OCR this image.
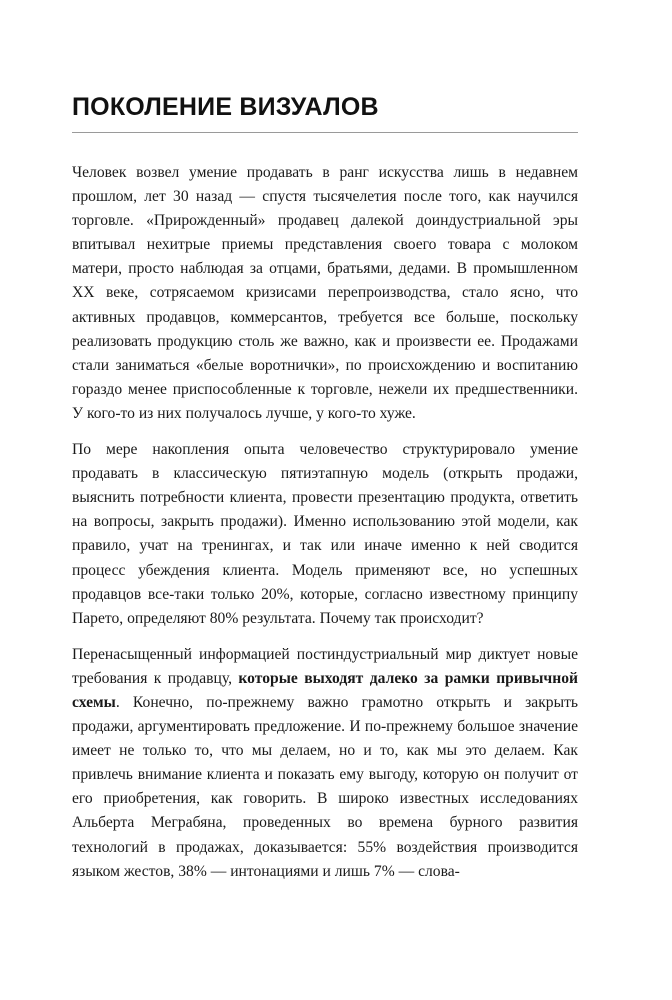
ПОКОЛЕНИЕ ВИЗУАЛОВ

Человек возвел умение продавать в ранг искусства лишь в недавнем прошлом, лет 30 назад — спустя тысячелетия после того, как научился торговле. «Прирожденный» продавец далекой доиндустриальной эры впитывал нехитрые приемы представления своего товара с молоком матери, просто наблюдая за отцами, братьями, дедами. В промышленном XX веке, сотрясаемом кризисами перепроизводства, стало ясно, что активных продавцов, коммерсантов, требуется все больше, поскольку реализовать продукцию столь же важно, как и произвести ее. Продажами стали заниматься «белые воротнички», по происхождению и воспитанию гораздо менее приспособленные к торговле, нежели их предшественники. У кого-то из них получалось лучше, у кого-то хуже.

По мере накопления опыта человечество структурировало умение продавать в классическую пятиэтапную модель (открыть продажи, выяснить потребности клиента, провести презентацию продукта, ответить на вопросы, закрыть продажи). Именно использованию этой модели, как правило, учат на тренингах, и так или иначе именно к ней сводится процесс убеждения клиента. Модель применяют все, но успешных продавцов все-таки только 20%, которые, согласно известному принципу Парето, определяют 80% результата. Почему так происходит?

Перенасыщенный информацией постиндустриальный мир диктует новые требования к продавцу, которые выходят далеко за рамки привычной схемы. Конечно, по-прежнему важно грамотно открыть и закрыть продажи, аргументировать предложение. И по-прежнему большое значение имеет не только то, что мы делаем, но и то, как мы это делаем. Как привлечь внимание клиента и показать ему выгоду, которую он получит от его приобретения, как говорить. В широко известных исследованиях Альберта Меграбяна, проведенных во времена бурного развития технологий в продажах, доказывается: 55% воздействия производится языком жестов, 38% — интонациями и лишь 7% — слова-
